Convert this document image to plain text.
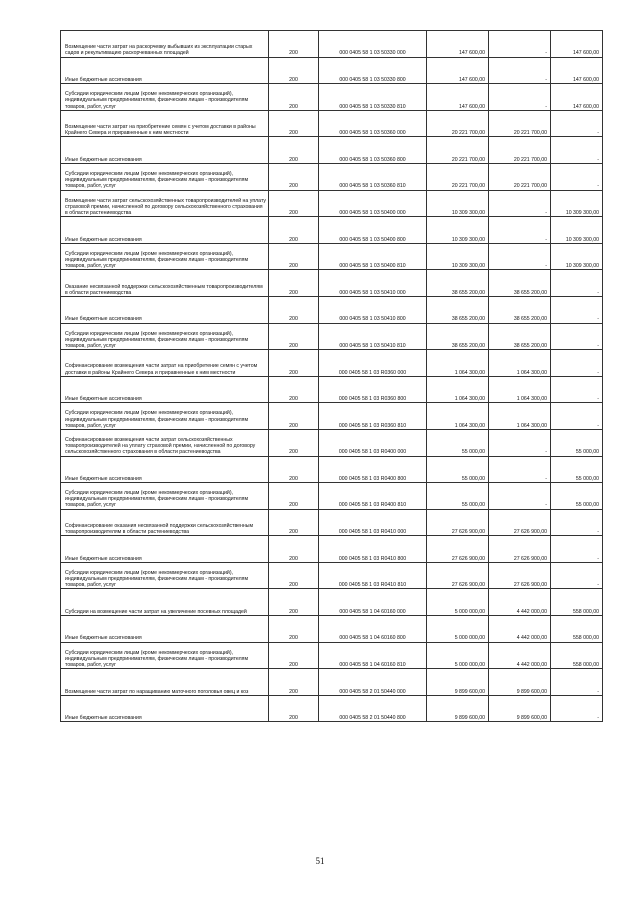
Возмещение части затрат на раскорчевку выбывших из эксплуатации старых садов и рекультивацию раскорчеванных площадей	200	000 0405 58 1 03 50330 000	147 600,00	-	147 600,00

Иные бюджетные ассигнования	200	000 0405 58 1 03 50330 800	147 600,00	-	147 600,00

Субсидии юридическим лицам (кроме некоммерческих организаций), индивидуальным предпринимателям, физическим лицам - производителям товаров, работ, услуг	200	000 0405 58 1 03 50330 810	147 600,00	-	147 600,00

Возмещение части затрат на приобретение семян с учетом доставки в районы Крайнего Севера и приравненные к ним местности	200	000 0405 58 1 03 50360 000	20 221 700,00	20 221 700,00	-

Иные бюджетные ассигнования	200	000 0405 58 1 03 50360 800	20 221 700,00	20 221 700,00	-

Субсидии юридическим лицам (кроме некоммерческих организаций), индивидуальным предпринимателям, физическим лицам - производителям товаров, работ, услуг	200	000 0405 58 1 03 50360 810	20 221 700,00	20 221 700,00	-

Возмещение части затрат сельскохозяйственных товаропроизводителей на уплату страховой премии, начисленной по договору сельскохозяйственного страхования в области растениеводства	200	000 0405 58 1 03 50400 000	10 309 300,00	-	10 309 300,00

Иные бюджетные ассигнования	200	000 0405 58 1 03 50400 800	10 309 300,00	-	10 309 300,00

Субсидии юридическим лицам (кроме некоммерческих организаций), индивидуальным предпринимателям, физическим лицам - производителям товаров, работ, услуг	200	000 0405 58 1 03 50400 810	10 309 300,00	-	10 309 300,00

Оказание несвязанной поддержки сельскохозяйственным товаропроизводителям в области растениеводства	200	000 0405 58 1 03 50410 000	38 655 200,00	38 655 200,00	-

Иные бюджетные ассигнования	200	000 0405 58 1 03 50410 800	38 655 200,00	38 655 200,00	-

Субсидии юридическим лицам (кроме некоммерческих организаций), индивидуальным предпринимателям, физическим лицам - производителям товаров, работ, услуг	200	000 0405 58 1 03 50410 810	38 655 200,00	38 655 200,00	-

Софинансирование возмещения части затрат на приобретение семян с учетом доставки в районы Крайнего Севера и приравненные к ним местности	200	000 0405 58 1 03 R0360 000	1 064 300,00	1 064 300,00	-

Иные бюджетные ассигнования	200	000 0405 58 1 03 R0360 800	1 064 300,00	1 064 300,00	-

Субсидии юридическим лицам (кроме некоммерческих организаций), индивидуальным предпринимателям, физическим лицам - производителям товаров, работ, услуг	200	000 0405 58 1 03 R0360 810	1 064 300,00	1 064 300,00	-

Софинансирование возмещения части затрат сельскохозяйственных товаропроизводителей на уплату страховой премии, начисленной по договору сельскохозяйственного страхования в области растениеводства	200	000 0405 58 1 03 R0400 000	55 000,00	-	55 000,00

Иные бюджетные ассигнования	200	000 0405 58 1 03 R0400 800	55 000,00	-	55 000,00

Субсидии юридическим лицам (кроме некоммерческих организаций), индивидуальным предпринимателям, физическим лицам - производителям товаров, работ, услуг	200	000 0405 58 1 03 R0400 810	55 000,00	-	55 000,00

Софинансирование оказания несвязанной поддержки сельскохозяйственным товаропроизводителям в области растениеводства	200	000 0405 58 1 03 R0410 000	27 626 900,00	27 626 900,00	-

Иные бюджетные ассигнования	200	000 0405 58 1 03 R0410 800	27 626 900,00	27 626 900,00	-

Субсидии юридическим лицам (кроме некоммерческих организаций), индивидуальным предпринимателям, физическим лицам - производителям товаров, работ, услуг	200	000 0405 58 1 03 R0410 810	27 626 900,00	27 626 900,00	-

Субсидии на возмещение части затрат на увеличение посевных площадей	200	000 0405 58 1 04 60160 000	5 000 000,00	4 442 000,00	558 000,00

Иные бюджетные ассигнования	200	000 0405 58 1 04 60160 800	5 000 000,00	4 442 000,00	558 000,00

Субсидии юридическим лицам (кроме некоммерческих организаций), индивидуальным предпринимателям, физическим лицам - производителям товаров, работ, услуг	200	000 0405 58 1 04 60160 810	5 000 000,00	4 442 000,00	558 000,00

Возмещение части затрат по наращиванию маточного поголовья овец и коз	200	000 0405 58 2 01 50440 000	9 899 600,00	9 899 600,00	-

Иные бюджетные ассигнования	200	000 0405 58 2 01 50440 800	9 899 600,00	9 899 600,00	-
51
